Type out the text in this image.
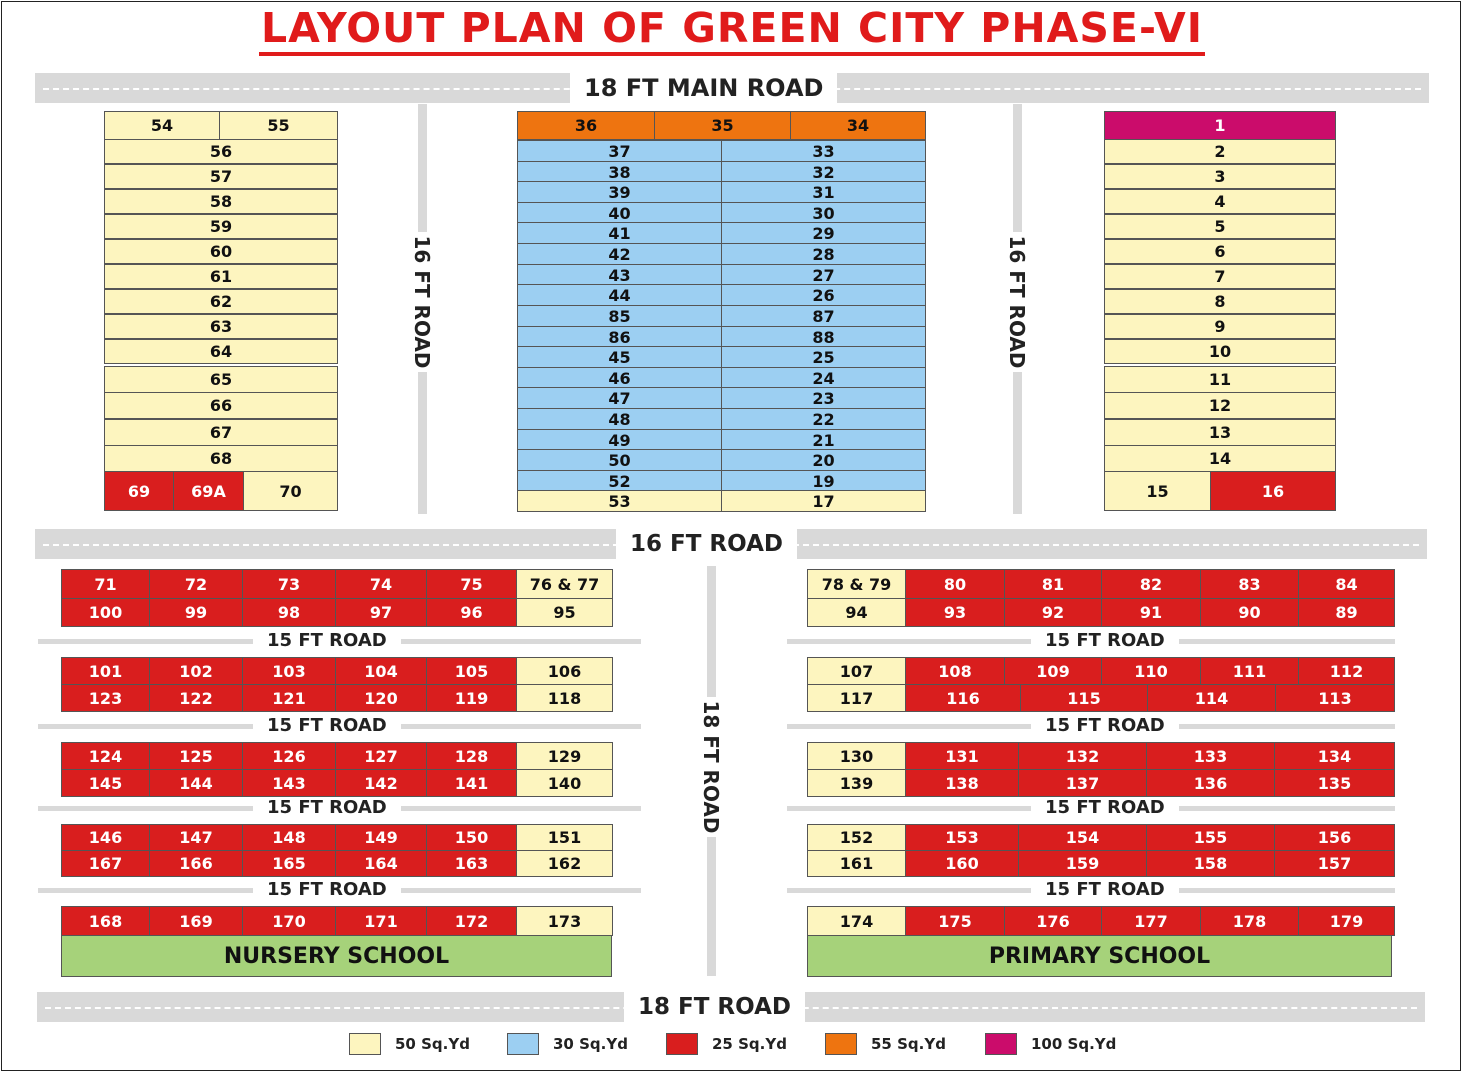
LAYOUT PLAN OF GREEN CITY PHASE-VI
18 FT MAIN ROAD
16 FT ROAD
18 FT ROAD
16 FT ROAD	16 FT ROAD
18 FT ROAD
54	55
56
57
58
59
60
61
62
63
64
65
66
67
68
69	69A	70
36	35	34
37	33
38	32
39	31
40	30
41	29
42	28
43	27
44	26
85	87
86	88
45	25
46	24
47	23
48	22
49	21
50	20
52	19
53	17
1
2
3
4
5
6
7
8
9
10
11
12
13
14
15	16
71	72	73	74	75	76 & 77
100	99	98	97	96	95
101	102	103	104	105	106
123	122	121	120	119	118
124	125	126	127	128	129
145	144	143	142	141	140
146	147	148	149	150	151
167	166	165	164	163	162
168	169	170	171	172	173
NURSERY SCHOOL
78 & 79	80	81	82	83	84
94	93	92	91	90	89
107	108	109	110	111	112
117	116	115	114	113
130	131	132	133	134
139	138	137	136	135
152	153	154	155	156
161	160	159	158	157
174	175	176	177	178	179
PRIMARY SCHOOL
15 FT ROAD	15 FT ROAD
15 FT ROAD	15 FT ROAD
15 FT ROAD	15 FT ROAD
15 FT ROAD	15 FT ROAD
50 Sq.Yd	30 Sq.Yd	25 Sq.Yd	55 Sq.Yd	100 Sq.Yd
